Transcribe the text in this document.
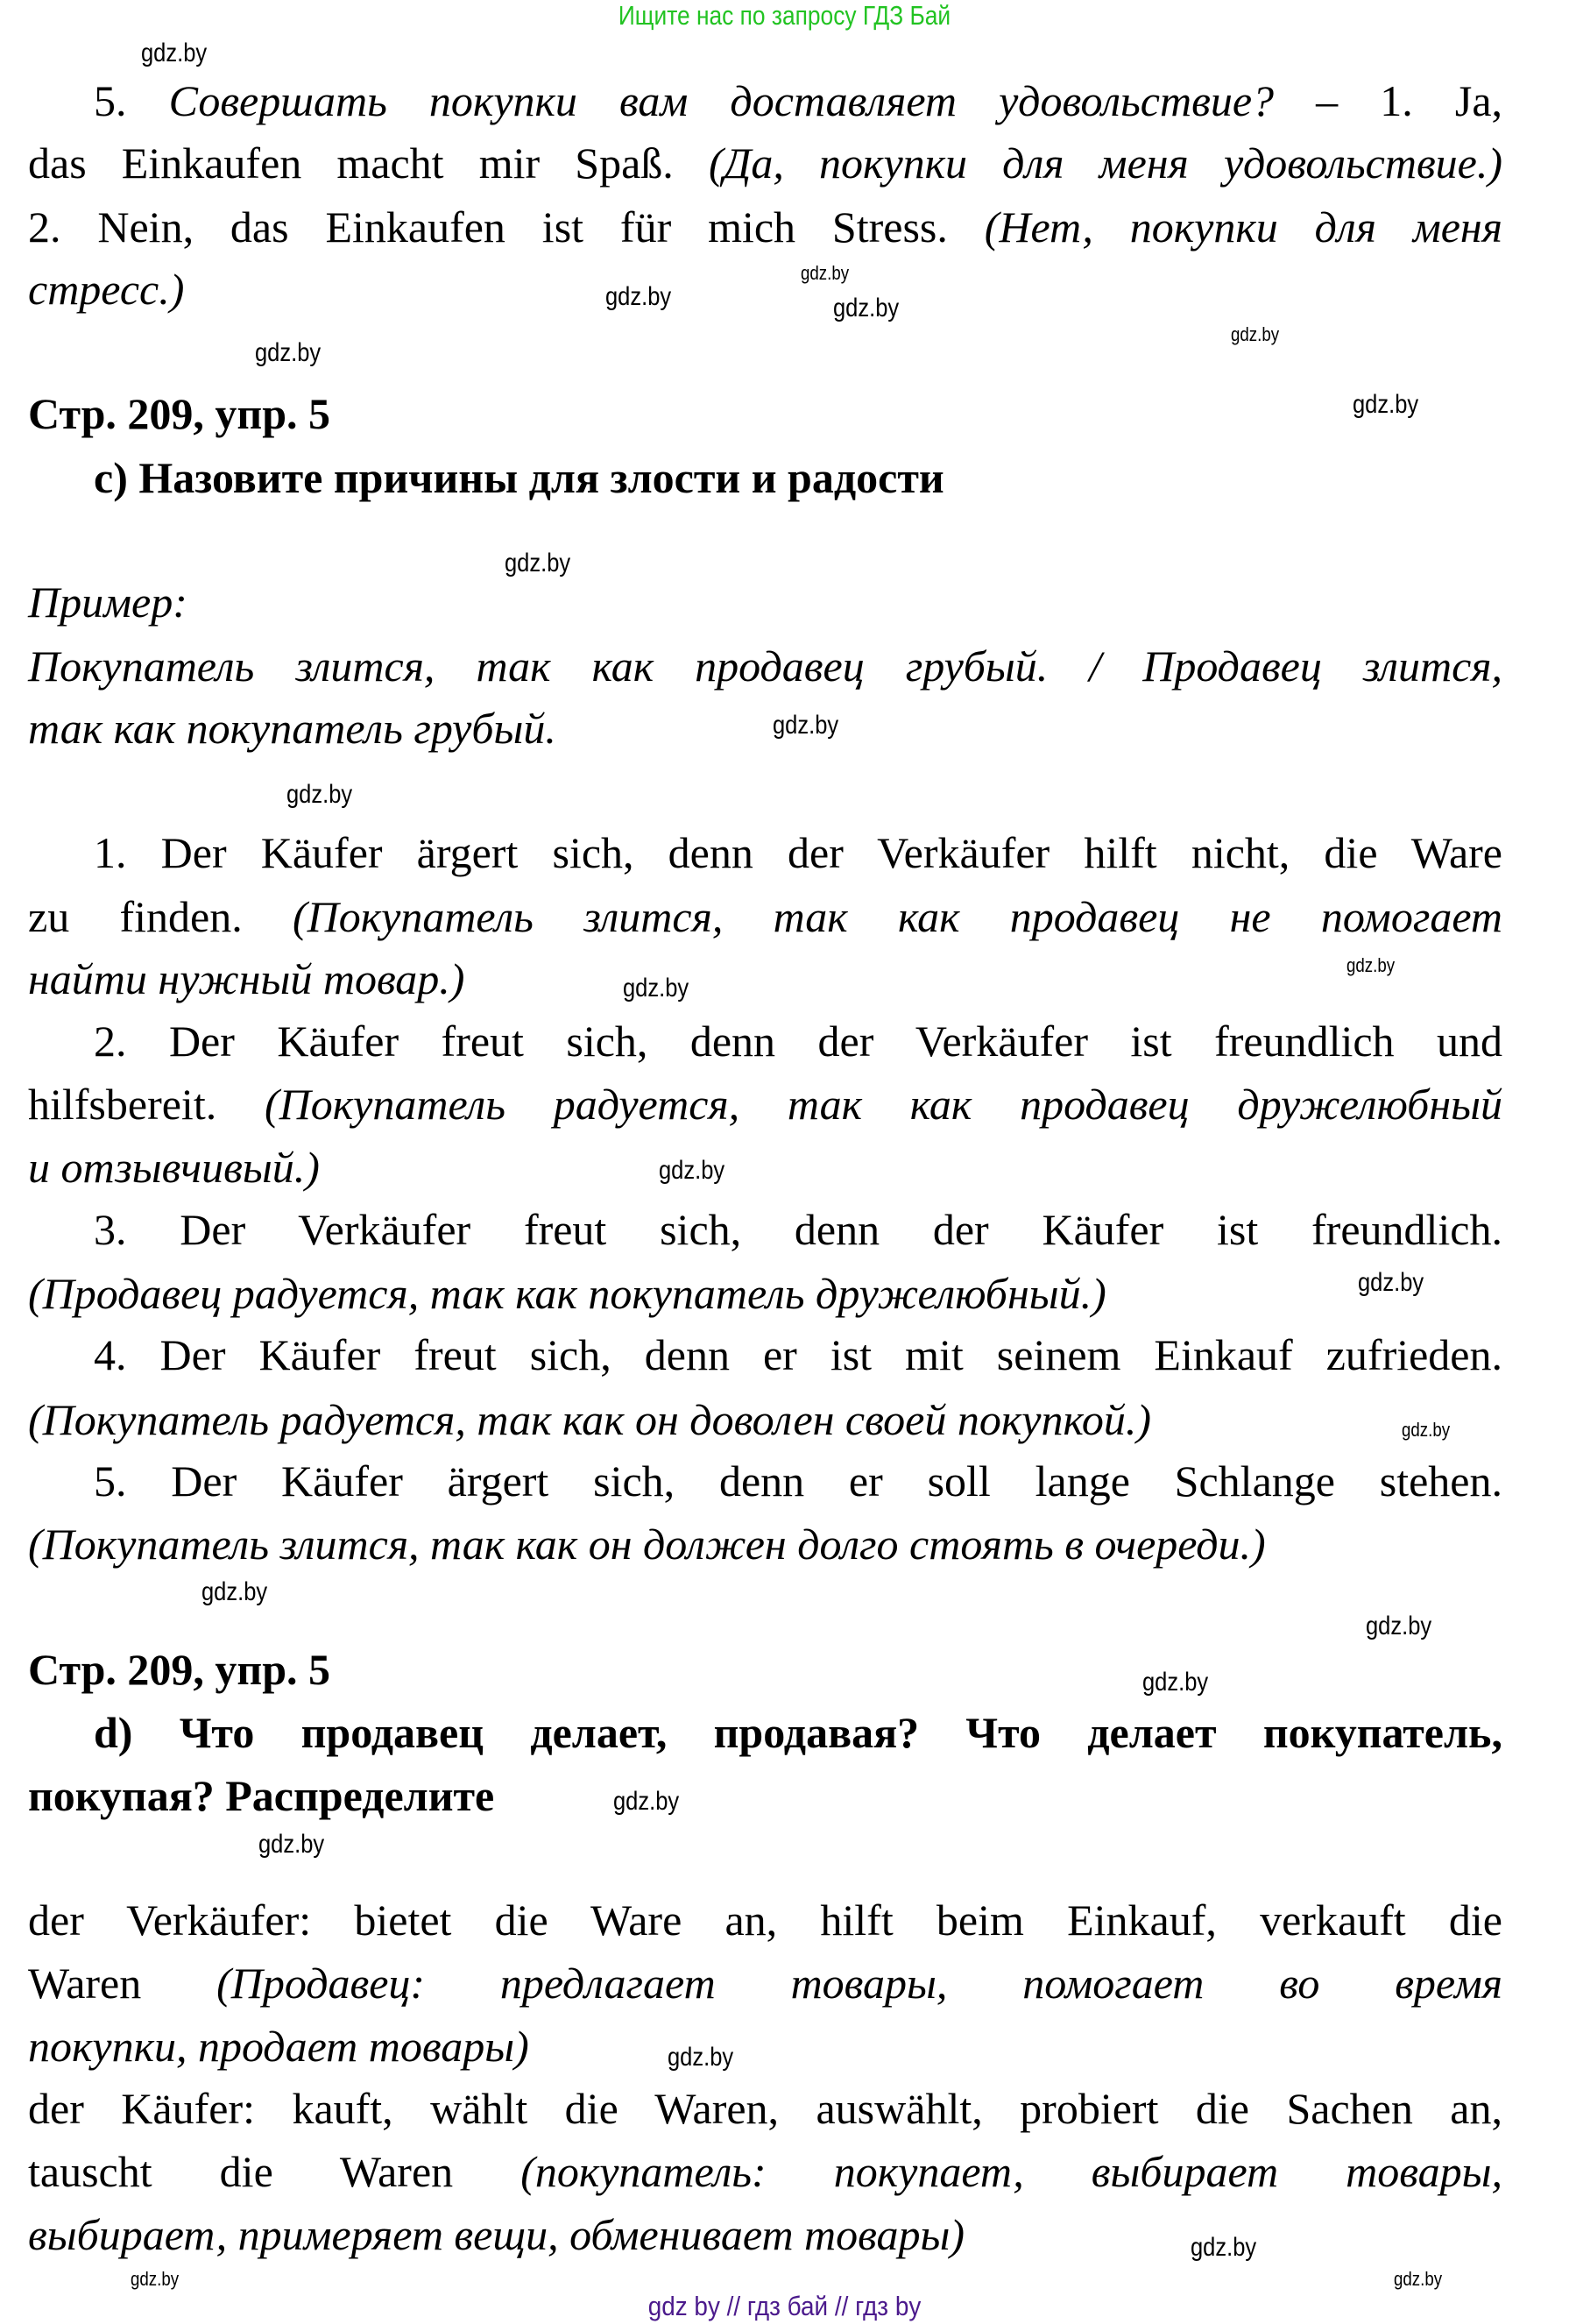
Ищите нас по запросу ГДЗ Бай
5. Совершать покупки вам доставляет удовольствие? – 1. Ja,
das Einkaufen macht mir Spaß. (Да, покупки для меня удовольствие.)
2. Nein, das Einkaufen ist für mich Stress. (Нет, покупки для меня
стресс.)
Стр. 209, упр. 5
c) Назовите причины для злости и радости
Пример:
Покупатель злится, так как продавец грубый. / Продавец злится,
так как покупатель грубый.
1. Der Käufer ärgert sich, denn der Verkäufer hilft nicht, die Ware
zu finden. (Покупатель злится, так как продавец не помогает
найти нужный товар.)
2. Der Käufer freut sich, denn der Verkäufer ist freundlich und
hilfsbereit. (Покупатель радуется, так как продавец дружелюбный
и отзывчивый.)
3. Der Verkäufer freut sich, denn der Käufer ist freundlich.
(Продавец радуется, так как покупатель дружелюбный.)
4. Der Käufer freut sich, denn er ist mit seinem Einkauf zufrieden.
(Покупатель радуется, так как он доволен своей покупкой.)
5. Der Käufer ärgert sich, denn er soll lange Schlange stehen.
(Покупатель злится, так как он должен долго стоять в очереди.)
Стр. 209, упр. 5
d) Что продавец делает, продавая? Что делает покупатель,
покупая? Распределите
der Verkäufer: bietet die Ware an, hilft beim Einkauf, verkauft die
Waren (Продавец: предлагает товары, помогает во время
покупки, продает товары)
der Käufer: kauft, wählt die Waren, auswählt, probiert die Sachen an,
tauscht die Waren (покупатель: покупает, выбирает товары,
выбирает, примеряет вещи, обменивает товары)
gdz by // гдз бай // гдз by
gdz.by
gdz.by
gdz.by
gdz.by	gdz.by
gdz.by
gdz.by
gdz.by
gdz.by
gdz.by
gdz.by
gdz.by
gdz.by
gdz.by
gdz.by
gdz.by
gdz.by
gdz.by
gdz.by
gdz.by
gdz.by
gdz.by
gdz.by
gdz.by
